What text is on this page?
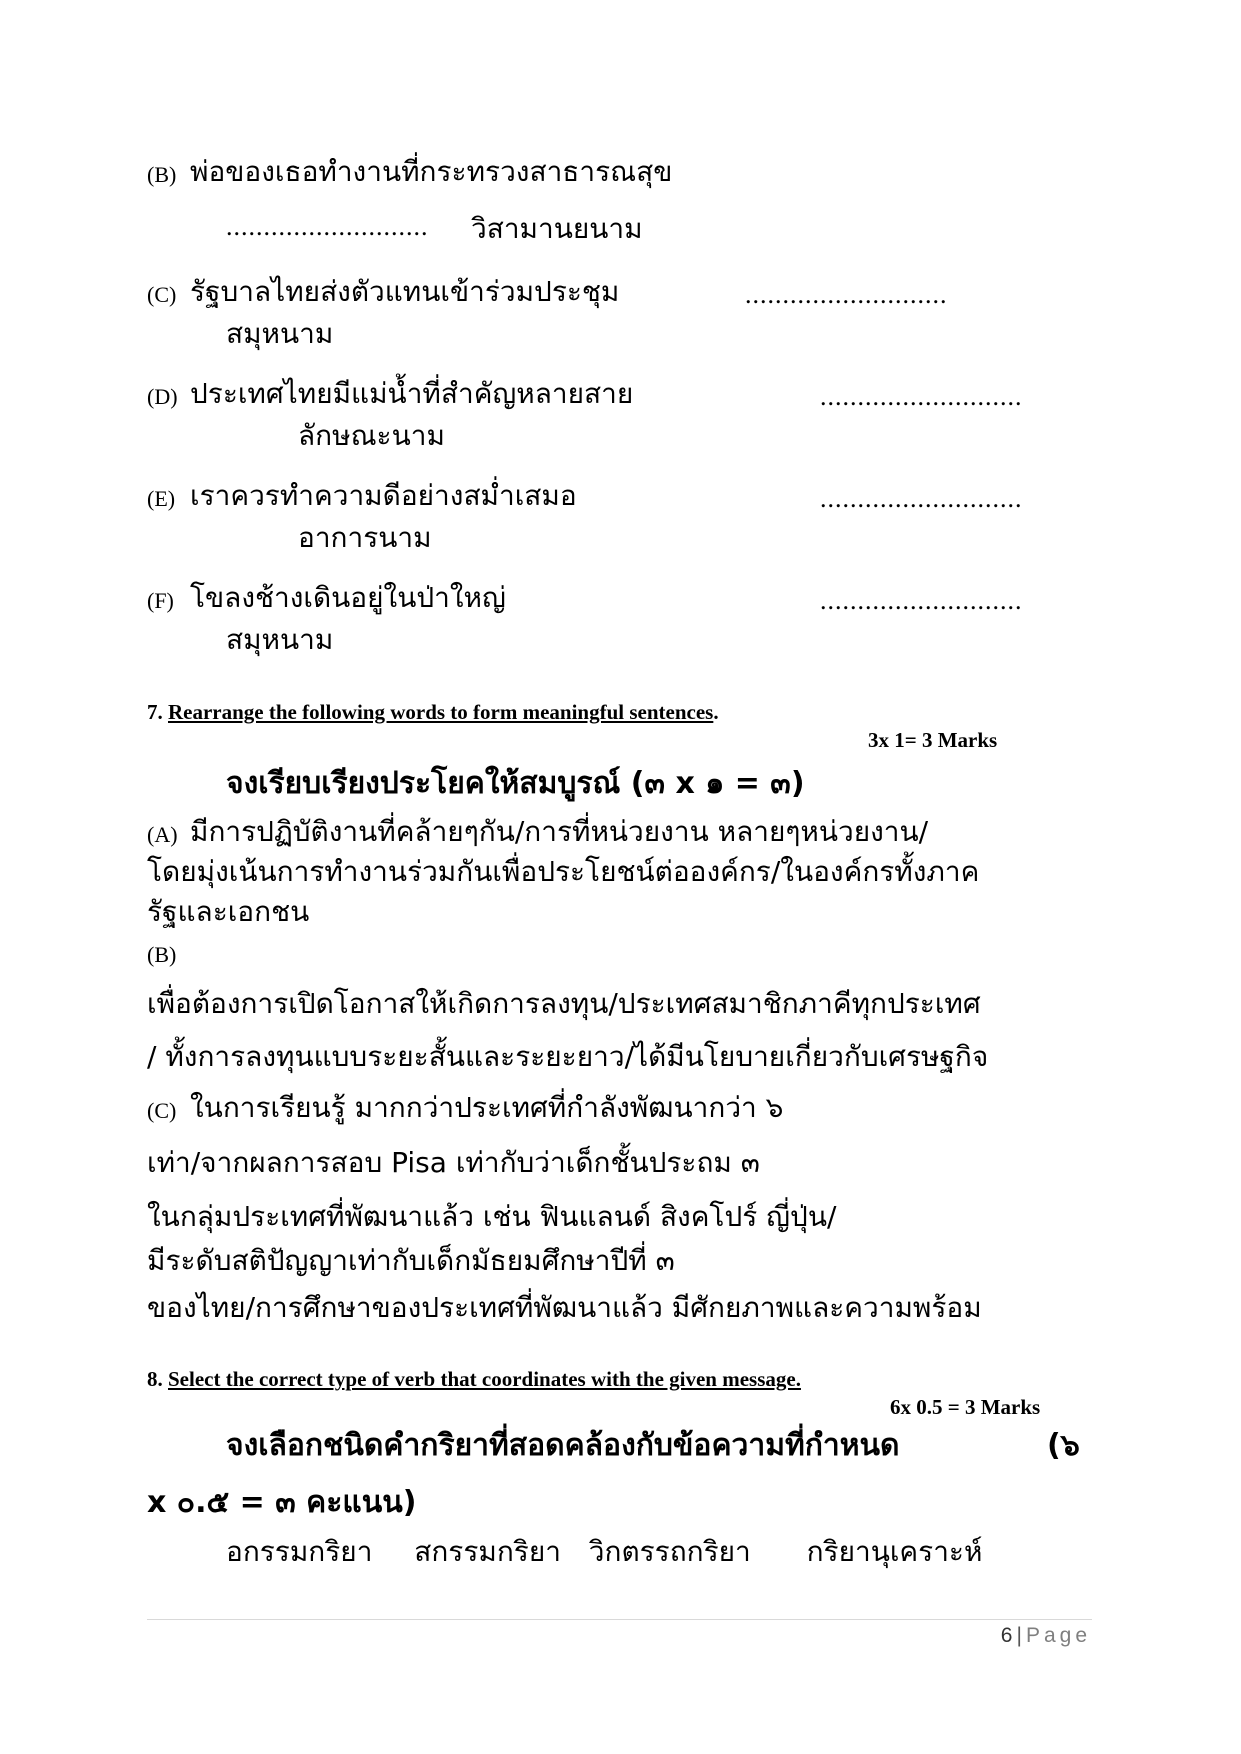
(B) พ่อของเธอทำงานที่กระทรวงสาธารณสุข
........................... วิสามานยนาม
(C) รัฐบาลไทยส่งตัวแทนเข้าร่วมประชุม	...........................
สมุหนาม
(D) ประเทศไทยมีแม่น้ำที่สำคัญหลายสาย	...........................
ลักษณะนาม
(E) เราควรทำความดีอย่างสม่ำเสมอ	...........................
อาการนาม
(F) โขลงช้างเดินอยู่ในป่าใหญ่	...........................
สมุหนาม
7. Rearrange the following words to form meaningful sentences.
3x 1= 3 Marks
จงเรียบเรียงประโยคให้สมบูรณ์ (๓ x ๑ = ๓)
(A) มีการปฏิบัติงานที่คล้ายๆกัน/การที่หน่วยงาน หลายๆหน่วยงาน/
โดยมุ่งเน้นการทำงานร่วมกันเพื่อประโยชน์ต่อองค์กร/ในองค์กรทั้งภาค
รัฐและเอกชน
(B)
เพื่อต้องการเปิดโอกาสให้เกิดการลงทุน/ประเทศสมาชิกภาคีทุกประเทศ
/ ทั้งการลงทุนแบบระยะสั้นและระยะยาว/ได้มีนโยบายเกี่ยวกับเศรษฐกิจ
(C) ในการเรียนรู้ มากกว่าประเทศที่กำลังพัฒนากว่า ๖
เท่า/จากผลการสอบ Pisa เท่ากับว่าเด็กชั้นประถม ๓
ในกลุ่มประเทศที่พัฒนาแล้ว เช่น ฟินแลนด์ สิงคโปร์ ญี่ปุ่น/
มีระดับสติปัญญาเท่ากับเด็กมัธยมศึกษาปีที่ ๓
ของไทย/การศึกษาของประเทศที่พัฒนาแล้ว มีศักยภาพและความพร้อม
8. Select the correct type of verb that coordinates with the given message.
6x 0.5 = 3 Marks
จงเลือกชนิดคำกริยาที่สอดคล้องกับข้อความที่กำหนด	(๖
x ๐.๕ = ๓ คะแนน)
อกรรมกริยา สกรรมกริยา วิกตรรถกริยา กริยานุเคราะห์
6 | Page
